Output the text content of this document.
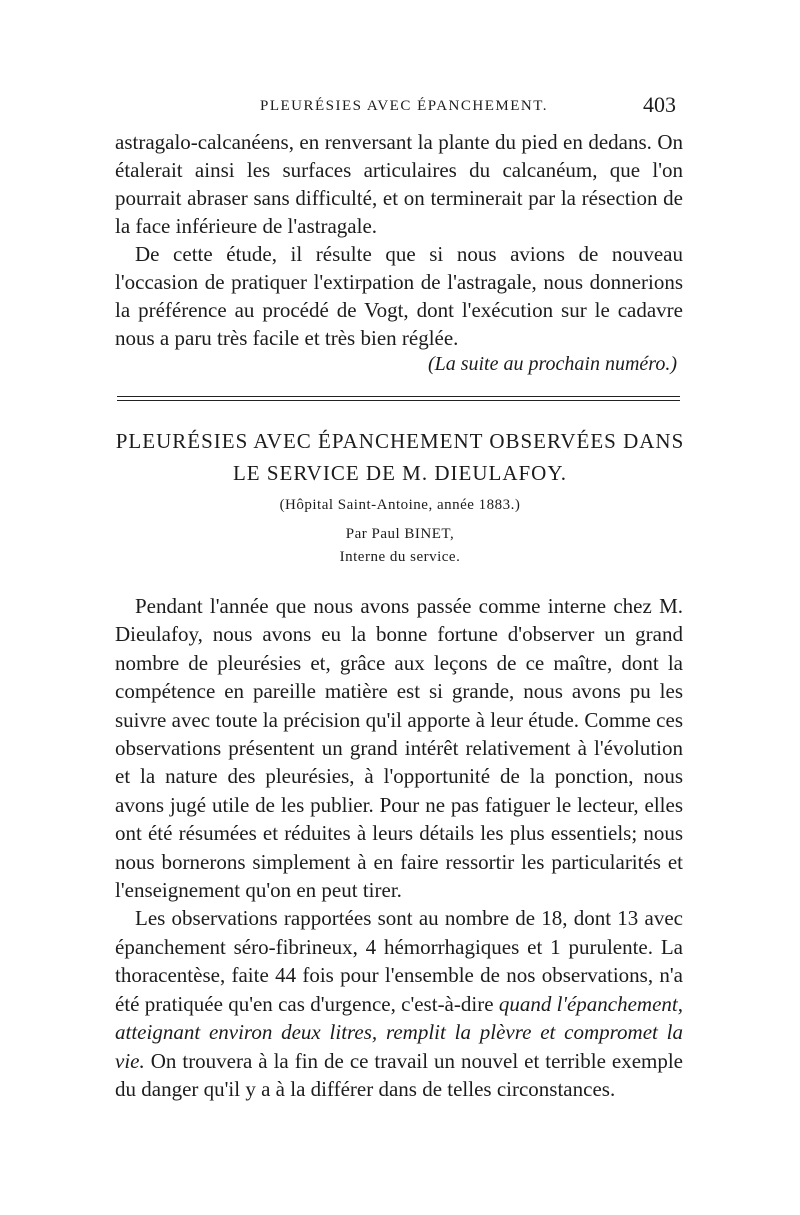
PLEURÉSIES AVEC ÉPANCHEMENT.	403

astragalo-calcanéens, en renversant la plante du pied en dedans. On étalerait ainsi les surfaces articulaires du calcanéum, que l'on pourrait abraser sans difficulté, et on terminerait par la résection de la face inférieure de l'astragale.

De cette étude, il résulte que si nous avions de nouveau l'occasion de pratiquer l'extirpation de l'astragale, nous donnerions la préférence au procédé de Vogt, dont l'exécution sur le cadavre nous a paru très facile et très bien réglée.

(La suite au prochain numéro.)
PLEURÉSIES AVEC ÉPANCHEMENT OBSERVÉES DANS
LE SERVICE DE M. DIEULAFOY.
(Hôpital Saint-Antoine, année 1883.)
Par Paul BINET,
Interne du service.

Pendant l'année que nous avons passée comme interne chez M. Dieulafoy, nous avons eu la bonne fortune d'observer un grand nombre de pleurésies et, grâce aux leçons de ce maître, dont la compétence en pareille matière est si grande, nous avons pu les suivre avec toute la précision qu'il apporte à leur étude. Comme ces observations présentent un grand intérêt relativement à l'évolution et la nature des pleurésies, à l'opportunité de la ponction, nous avons jugé utile de les publier. Pour ne pas fatiguer le lecteur, elles ont été résumées et réduites à leurs détails les plus essentiels; nous nous bornerons simplement à en faire ressortir les particularités et l'enseignement qu'on en peut tirer.

Les observations rapportées sont au nombre de 18, dont 13 avec épanchement séro-fibrineux, 4 hémorrhagiques et 1 purulente. La thoracentèse, faite 44 fois pour l'ensemble de nos observations, n'a été pratiquée qu'en cas d'urgence, c'est-à-dire quand l'épanchement, atteignant environ deux litres, remplit la plèvre et compromet la vie. On trouvera à la fin de ce travail un nouvel et terrible exemple du danger qu'il y a à la différer dans de telles circonstances.
